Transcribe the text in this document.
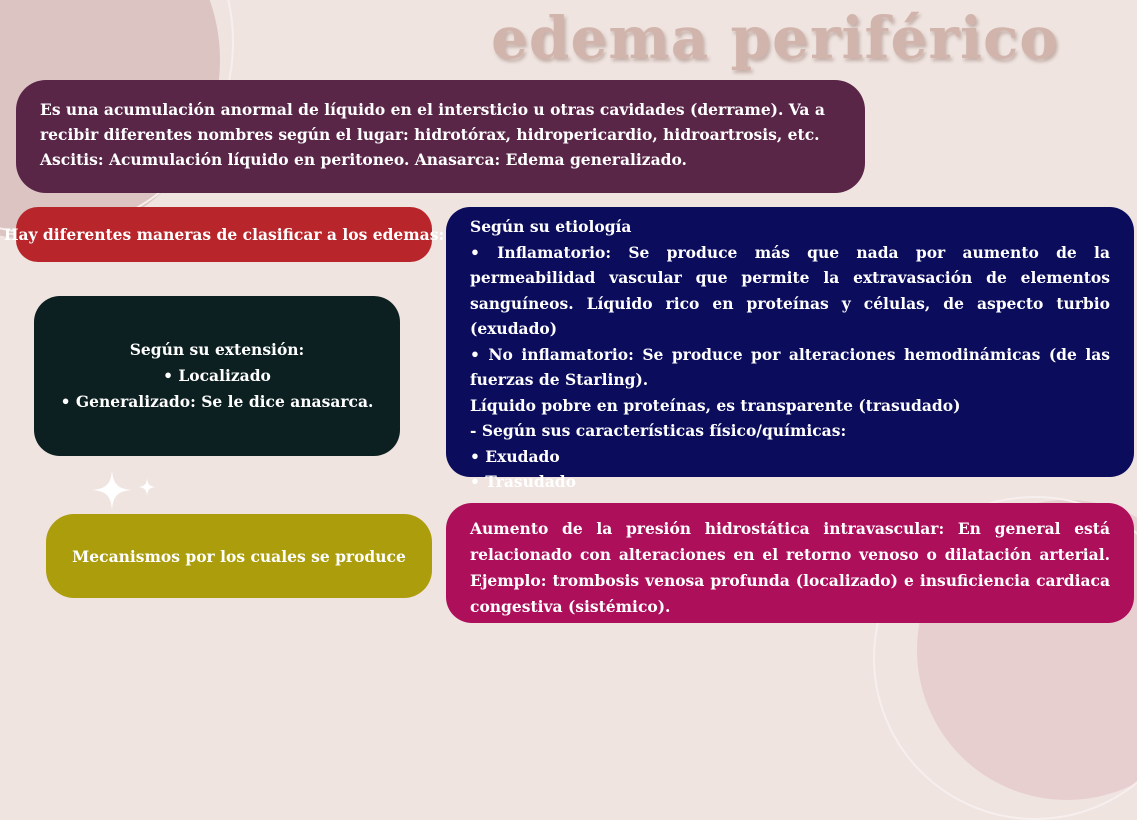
edema periférico
Es una acumulación anormal de líquido en el intersticio u otras cavidades (derrame). Va a recibir diferentes nombres según el lugar: hidrotórax, hidropericardio, hidroartrosis, etc.
Ascitis: Acumulación líquido en peritoneo. Anasarca: Edema generalizado.
Hay diferentes maneras de clasificar a los edemas:
Según su extensión:
• Localizado
• Generalizado: Se le dice anasarca.
Según su etiología
• Inflamatorio: Se produce más que nada por aumento de la permeabilidad vascular que permite la extravasación de elementos sanguíneos. Líquido rico en proteínas y células, de aspecto turbio (exudado)
• No inflamatorio: Se produce por alteraciones hemodinámicas (de las fuerzas de Starling).
Líquido pobre en proteínas, es transparente (trasudado)
- Según sus características físico/químicas:
• Exudado
• Trasudado
Mecanismos por los cuales se produce
Aumento de la presión hidrostática intravascular: En general está relacionado con alteraciones en el retorno venoso o dilatación arterial. Ejemplo: trombosis venosa profunda (localizado) e insuficiencia cardiaca congestiva (sistémico).
